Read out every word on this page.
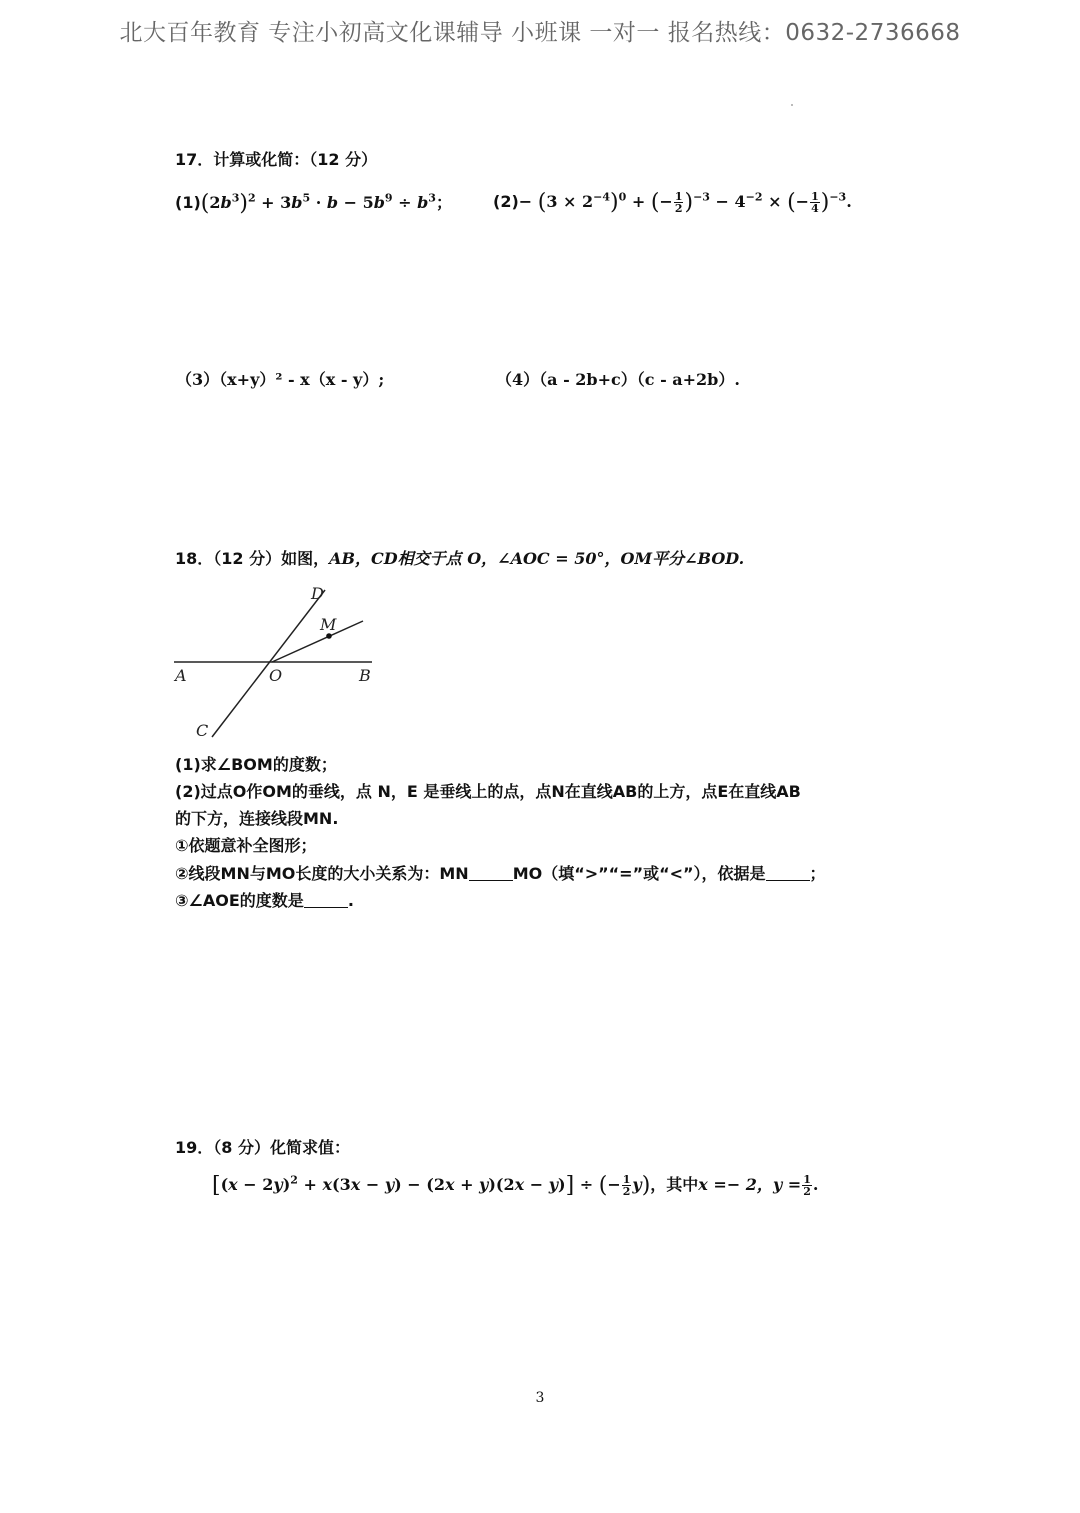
北大百年教育 专注小初高文化课辅导 小班课 一对一 报名热线：0632-2736668
17．计算或化简：（12 分）
$(1)(2b^3)^2 + 3b^5 \cdot b - 5b^9 \div b^3$；	$(2)- (3 \times 2^{-4})^0$ + (− $\frac{1}{2} )^{-3} - 4^{-2}$ × (− $\frac{1}{4} )^{-3}$.
（3）（x+y）² - x（x - y）;	（4）（a - 2b+c）（c - a+2b）.
18．（12 分）如图，AB，CD相交于点 O，∠AOC = 50°，OM平分∠BOD.
D
M
A	O	B
C
(1)求∠BOM的度数；
(2)过点O作OM的垂线，点 N，E 是垂线上的点，点N在直线AB的上方，点E在直线AB
的下方，连接线段MN.
①依题意补全图形；
②线段MN与MO长度的大小关系为：MN	MO（填“>”“=”或“<”），依据是	；
③∠AOE的度数是	.
19．（8 分）化简求值：
$[(x - 2y)^2 + x(3x - y) - (2x + y)(2x - y)]$ ÷ (− $\frac{1}{2} y$)，其中x =− 2，$y = \frac{1}{2}$ .
3
